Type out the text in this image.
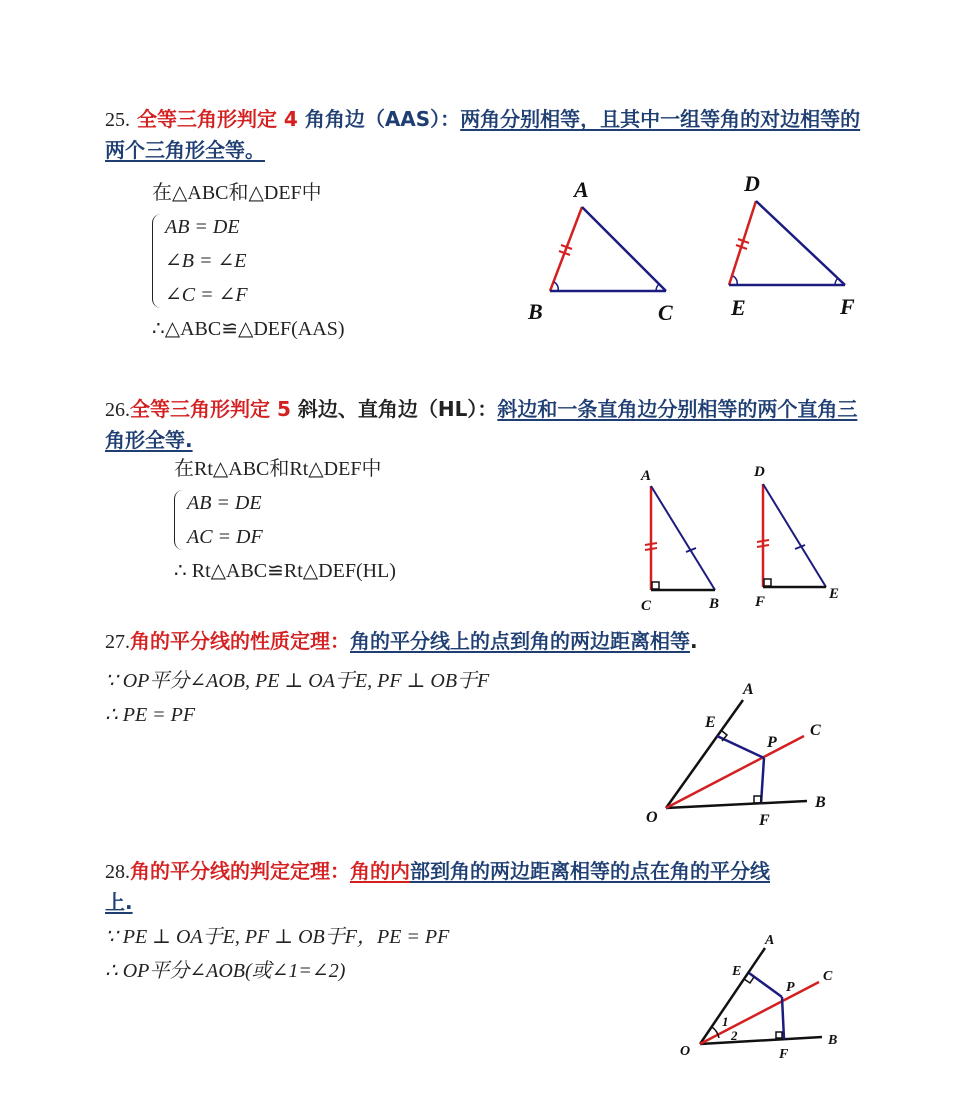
25. 全等三角形判定 4 角角边（AAS）：两角分别相等，且其中一组等角的对边相等的两个三角形全等。
在△ABC和△DEF中
AB = DE
∠B = ∠E
∠C = ∠F
∴△ABC≌△DEF(AAS)
A
B	C
D
E	F
26.全等三角形判定 5 斜边、直角边（HL）：斜边和一条直角边分别相等的两个直角三角形全等.
在Rt△ABC和Rt△DEF中
AB = DE
AC = DF
∴ Rt△ABC≌Rt△DEF(HL)
A
C	B
D
F	E
27.角的平分线的性质定理：角的平分线上的点到角的两边距离相等.
∵ OP平分∠AOB, PE ⊥ OA于E, PF ⊥ OB于F
∴ PE = PF
A
E
P
C
B
O	F
28.角的平分线的判定定理：角的内部到角的两边距离相等的点在角的平分线
上.
∵ PE ⊥ OA于E, PF ⊥ OB于F，PE = PF
∴ OP平分∠AOB(或∠1=∠2)
A
E
P
C
B
O	F
1
2
